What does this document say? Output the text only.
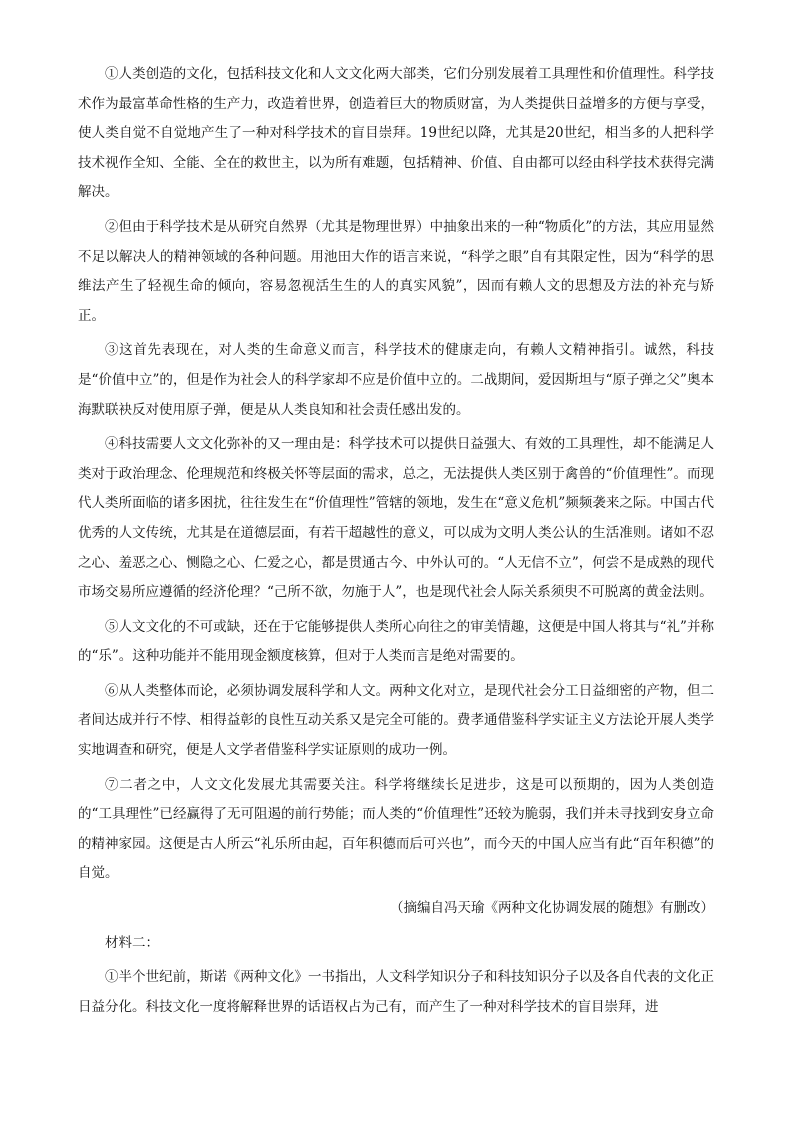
①人类创造的文化，包括科技文化和人文文化两大部类，它们分别发展着工具理性和价值理性。科学技术作为最富革命性格的生产力，改造着世界，创造着巨大的物质财富，为人类提供日益增多的方便与享受，使人类自觉不自觉地产生了一种对科学技术的盲目崇拜。19世纪以降，尤其是20世纪，相当多的人把科学技术视作全知、全能、全在的救世主，以为所有难题，包括精神、价值、自由都可以经由科学技术获得完满解决。

②但由于科学技术是从研究自然界（尤其是物理世界）中抽象出来的一种“物质化”的方法，其应用显然不足以解决人的精神领域的各种问题。用池田大作的语言来说，“科学之眼”自有其限定性，因为“科学的思维法产生了轻视生命的倾向，容易忽视活生生的人的真实风貌”，因而有赖人文的思想及方法的补充与矫正。

③这首先表现在，对人类的生命意义而言，科学技术的健康走向，有赖人文精神指引。诚然，科技是“价值中立”的，但是作为社会人的科学家却不应是价值中立的。二战期间，爱因斯坦与“原子弹之父”奥本海默联袂反对使用原子弹，便是从人类良知和社会责任感出发的。

④科技需要人文文化弥补的又一理由是：科学技术可以提供日益强大、有效的工具理性，却不能满足人类对于政治理念、伦理规范和终极关怀等层面的需求，总之，无法提供人类区别于禽兽的“价值理性”。而现代人类所面临的诸多困扰，往往发生在“价值理性”管辖的领地，发生在“意义危机”频频袭来之际。中国古代优秀的人文传统，尤其是在道德层面，有若干超越性的意义，可以成为文明人类公认的生活准则。诸如不忍之心、羞恶之心、恻隐之心、仁爱之心，都是贯通古今、中外认可的。“人无信不立”，何尝不是成熟的现代市场交易所应遵循的经济伦理？“己所不欲，勿施于人”，也是现代社会人际关系须臾不可脱离的黄金法则。

⑤人文文化的不可或缺，还在于它能够提供人类所心向往之的审美情趣，这便是中国人将其与“礼”并称的“乐”。这种功能并不能用现金额度核算，但对于人类而言是绝对需要的。

⑥从人类整体而论，必须协调发展科学和人文。两种文化对立，是现代社会分工日益细密的产物，但二者间达成并行不悖、相得益彰的良性互动关系又是完全可能的。费孝通借鉴科学实证主义方法论开展人类学实地调查和研究，便是人文学者借鉴科学实证原则的成功一例。

⑦二者之中，人文文化发展尤其需要关注。科学将继续长足进步，这是可以预期的，因为人类创造的“工具理性”已经赢得了无可阻遏的前行势能；而人类的“价值理性”还较为脆弱，我们并未寻找到安身立命的精神家园。这便是古人所云“礼乐所由起，百年积德而后可兴也”，而今天的中国人应当有此“百年积德”的自觉。

（摘编自冯天瑜《两种文化协调发展的随想》有删改）

材料二：

①半个世纪前，斯诺《两种文化》一书指出，人文科学知识分子和科技知识分子以及各自代表的文化正日益分化。科技文化一度将解释世界的话语权占为己有，而产生了一种对科学技术的盲目崇拜，进
